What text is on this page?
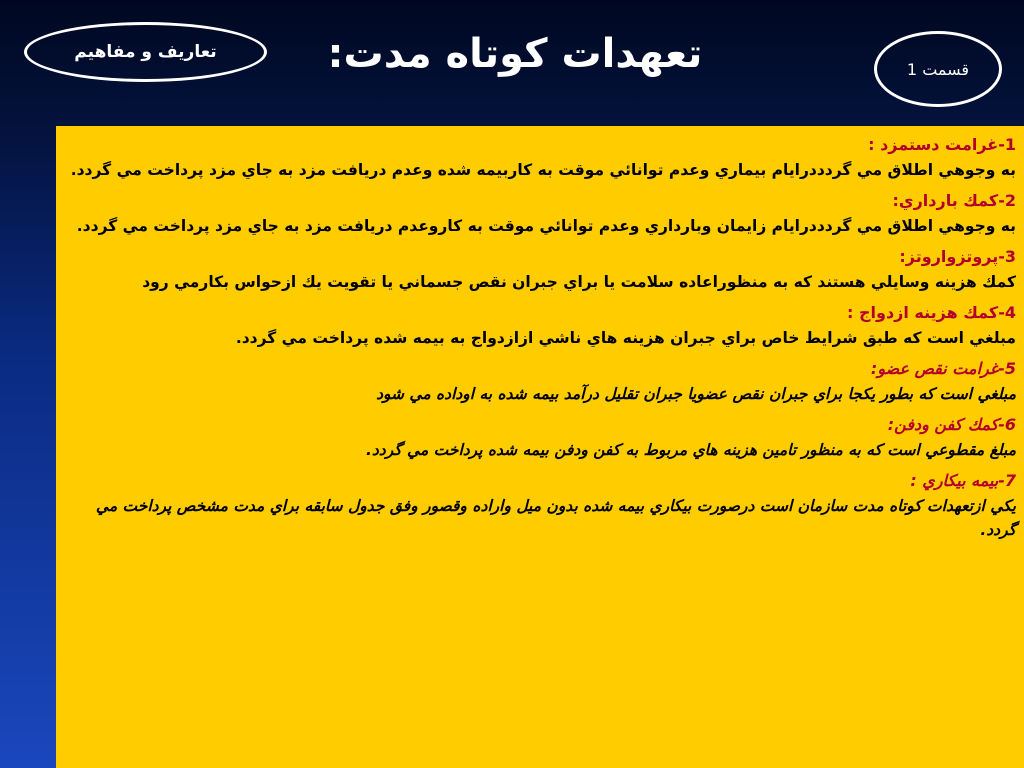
تعاريف و مفاهيم	تعهدات کوتاه مدت:	قسمت 1

1-غرامت دستمزد :

به وجوهي اطلاق مي گردددرايام بيماري وعدم توانائي موقت به کاربيمه شده وعدم دريافت مزد به جاي مزد پرداخت مي گردد.

2-کمك بارداري:

به وجوهي اطلاق مي گردددرايام زايمان وبارداري وعدم توانائي موقت به کاروعدم دريافت مزد به جاي مزد پرداخت مي گردد.

3-پروتزواروتز:

کمك هزينه وسايلي هستند که به منظوراعاده سلامت يا براي جبران نقص جسماني يا تقويت يك ازحواس بکارمي رود

4-کمك هزينه ازدواج :

مبلغي است که طبق شرايط خاص براي جبران هزينه هاي ناشي ازازدواج به بيمه شده پرداخت مي گردد.

5-غرامت نقص عضو:

مبلغي است که بطور يکجا براي جبران نقص عضويا جبران تقليل درآمد بيمه شده به اوداده مي شود

6-کمك کفن ودفن:

مبلغ مقطوعي است که به منظور تامين هزينه هاي مربوط به کفن ودفن بيمه شده پرداخت مي گردد.

7-بيمه بيکاري :

يکي ازتعهدات کوتاه مدت سازمان است درصورت بيکاري بيمه شده بدون ميل واراده وقصور وفق جدول سابقه براي مدت مشخص پرداخت مي گردد.
